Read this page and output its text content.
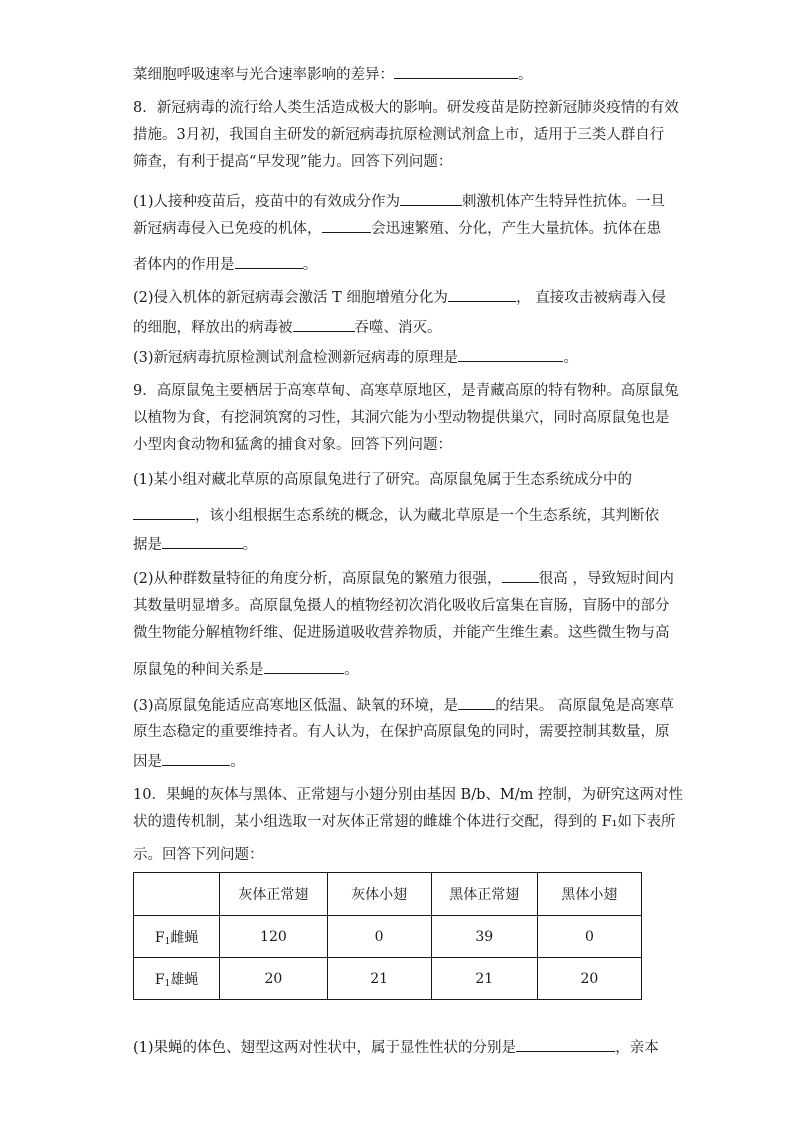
菜细胞呼吸速率与光合速率影响的差异：	。
8．新冠病毒的流行给人类生活造成极大的影响。研发疫苗是防控新冠肺炎疫情的有效
措施。3月初，我国自主研发的新冠病毒抗原检测试剂盒上市，适用于三类人群自行
筛查，有利于提高“早发现”能力。回答下列问题：
(1)人接种疫苗后，疫苗中的有效成分作为	刺激机体产生特异性抗体。一旦
新冠病毒侵入已免疫的机体，	会迅速繁殖、分化，产生大量抗体。抗体在患
者体内的作用是	。
(2)侵入机体的新冠病毒会激活 T 细胞增殖分化为	， 直接攻击被病毒入侵
的细胞，释放出的病毒被	吞噬、消灭。
(3)新冠病毒抗原检测试剂盒检测新冠病毒的原理是	。
9．高原鼠兔主要栖居于高寒草甸、高寒草原地区，是青藏高原的特有物种。高原鼠兔
以植物为食，有挖洞筑窝的习性，其洞穴能为小型动物提供巢穴，同时高原鼠兔也是
小型肉食动物和猛禽的捕食对象。回答下列问题：
(1)某小组对藏北草原的高原鼠兔进行了研究。高原鼠兔属于生态系统成分中的
，该小组根据生态系统的概念，认为藏北草原是一个生态系统，其判断依
据是	。
(2)从种群数量特征的角度分析，高原鼠兔的繁殖力很强，	很高 ，导致短时间内
其数量明显增多。高原鼠兔摄人的植物经初次消化吸收后富集在盲肠，盲肠中的部分
微生物能分解植物纤维、促进肠道吸收营养物质，并能产生维生素。这些微生物与高
原鼠兔的种间关系是	。
(3)高原鼠兔能适应高寒地区低温、缺氧的环境，是	的结果。 高原鼠兔是高寒草
原生态稳定的重要维持者。有人认为，在保护高原鼠兔的同时，需要控制其数量，原
因是	。
10．果蝇的灰体与黑体、正常翅与小翅分别由基因 B/b、M/m 控制，为研究这两对性
状的遗传机制，某小组选取一对灰体正常翅的雌雄个体进行交配，得到的 F₁如下表所
示。回答下列问题：
(1)果蝇的体色、翅型这两对性状中，属于显性性状的分别是	，亲本
	灰体正常翅	灰体小翅	黑体正常翅	黑体小翅
$F_1$雌蝇	120	0	39	0
$F_1$雄蝇	20	21	21	20
